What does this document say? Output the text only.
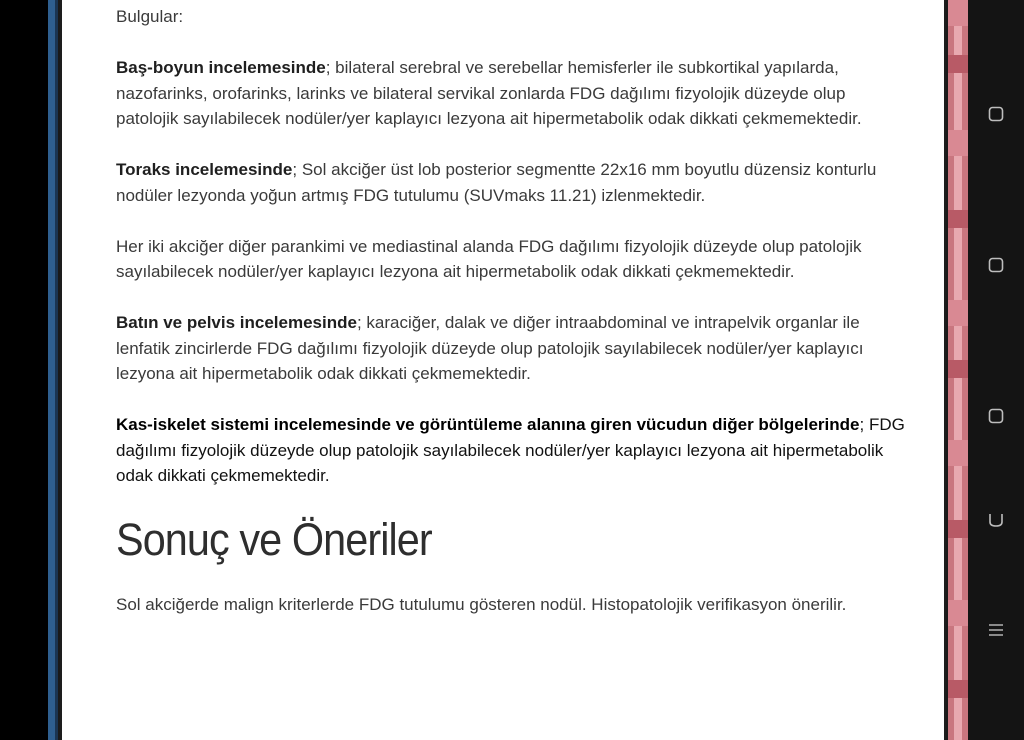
Bulgular:

Baş-boyun incelemesinde; bilateral serebral ve serebellar hemisferler ile subkortikal yapılarda, nazofarinks, orofarinks, larinks ve bilateral servikal zonlarda FDG dağılımı fizyolojik düzeyde olup patolojik sayılabilecek nodüler/yer kaplayıcı lezyona ait hipermetabolik odak dikkati çekmemektedir.

Toraks incelemesinde; Sol akciğer üst lob posterior segmentte 22x16 mm boyutlu düzensiz konturlu nodüler lezyonda yoğun artmış FDG tutulumu (SUVmaks 11.21) izlenmektedir.

Her iki akciğer diğer parankimi ve mediastinal alanda FDG dağılımı fizyolojik düzeyde olup patolojik sayılabilecek nodüler/yer kaplayıcı lezyona ait hipermetabolik odak dikkati çekmemektedir.

Batın ve pelvis incelemesinde; karaciğer, dalak ve diğer intraabdominal ve intrapelvik organlar ile lenfatik zincirlerde FDG dağılımı fizyolojik düzeyde olup patolojik sayılabilecek nodüler/yer kaplayıcı lezyona ait hipermetabolik odak dikkati çekmemektedir.

Kas-iskelet sistemi incelemesinde ve görüntüleme alanına giren vücudun diğer bölgelerinde; FDG dağılımı fizyolojik düzeyde olup patolojik sayılabilecek nodüler/yer kaplayıcı lezyona ait hipermetabolik odak dikkati çekmemektedir.

Sonuç ve Öneriler

Sol akciğerde malign kriterlerde FDG tutulumu gösteren nodül. Histopatolojik verifikasyon önerilir.
